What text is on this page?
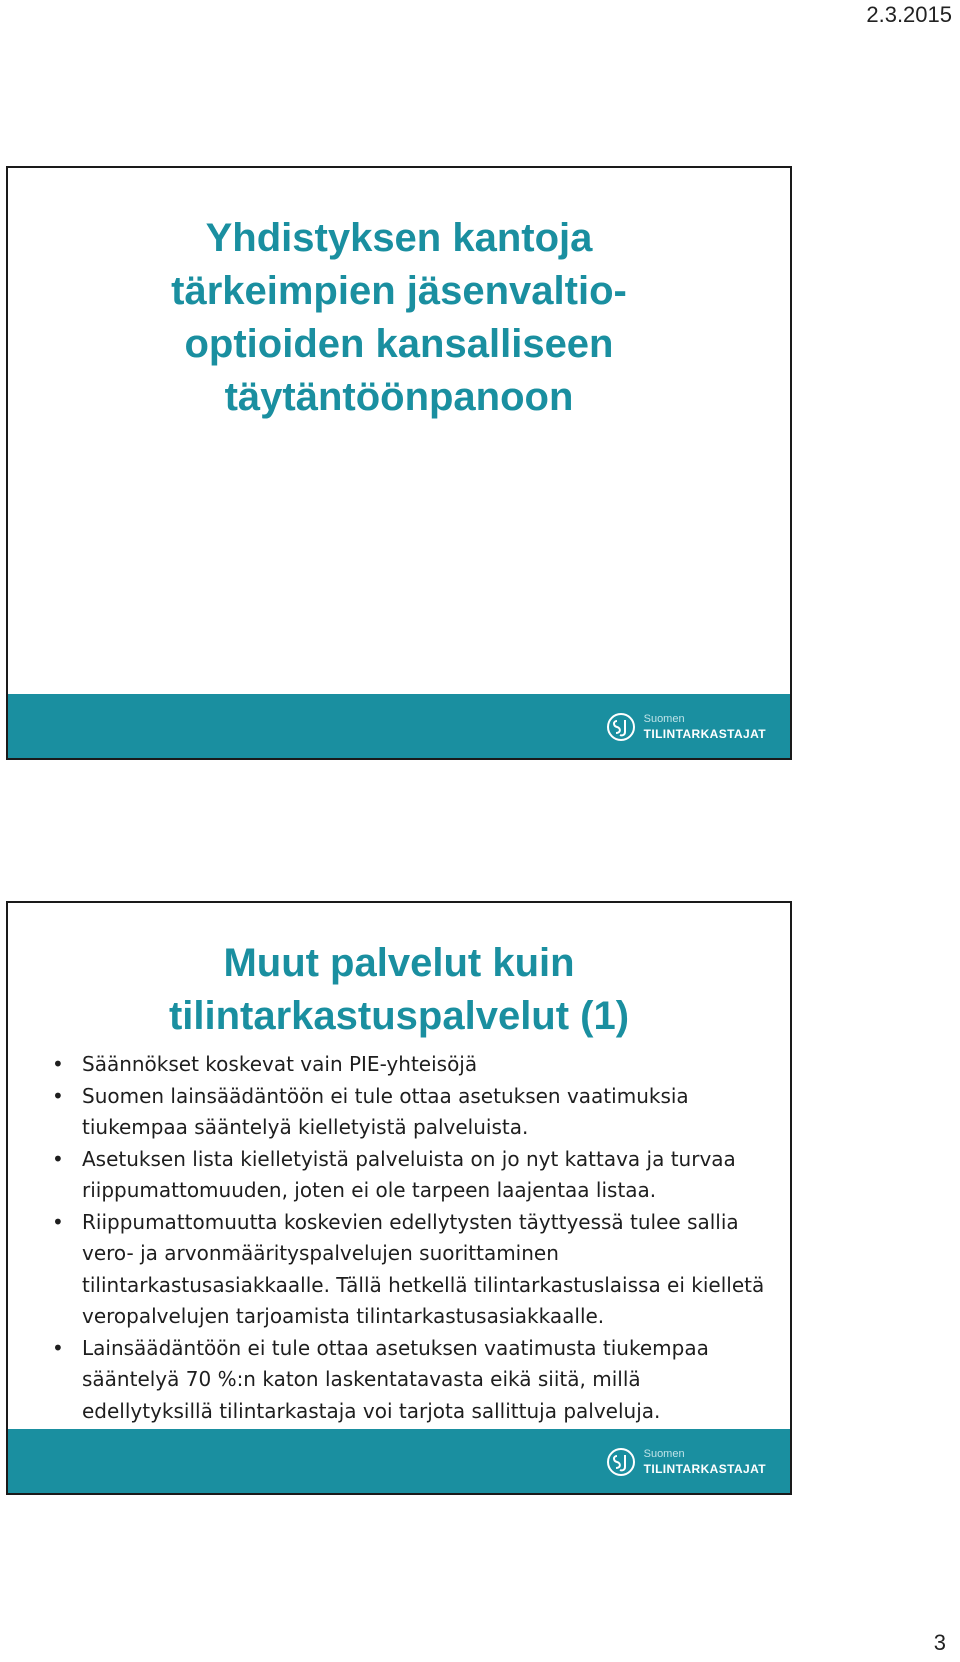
2.3.2015
Yhdistyksen kantoja
tärkeimpien jäsenvaltio-
optioiden kansalliseen
täytäntöönpanoon
Suomen
TILINTARKASTAJAT
Muut palvelut kuin
tilintarkastuspalvelut (1)
• Säännökset koskevat vain PIE-yhteisöjä
• Suomen lainsäädäntöön ei tule ottaa asetuksen vaatimuksia tiukempaa sääntelyä kielletyistä palveluista.
• Asetuksen lista kielletyistä palveluista on jo nyt kattava ja turvaa riippumattomuuden, joten ei ole tarpeen laajentaa listaa.
• Riippumattomuutta koskevien edellytysten täyttyessä tulee sallia vero- ja arvonmäärityspalvelujen suorittaminen tilintarkastusasiakkaalle. Tällä hetkellä tilintarkastuslaissa ei kielletä veropalvelujen tarjoamista tilintarkastusasiakkaalle.
• Lainsäädäntöön ei tule ottaa asetuksen vaatimusta tiukempaa sääntelyä 70 %:n katon laskentatavasta eikä siitä, millä edellytyksillä tilintarkastaja voi tarjota sallittuja palveluja.
Suomen
TILINTARKASTAJAT
3
